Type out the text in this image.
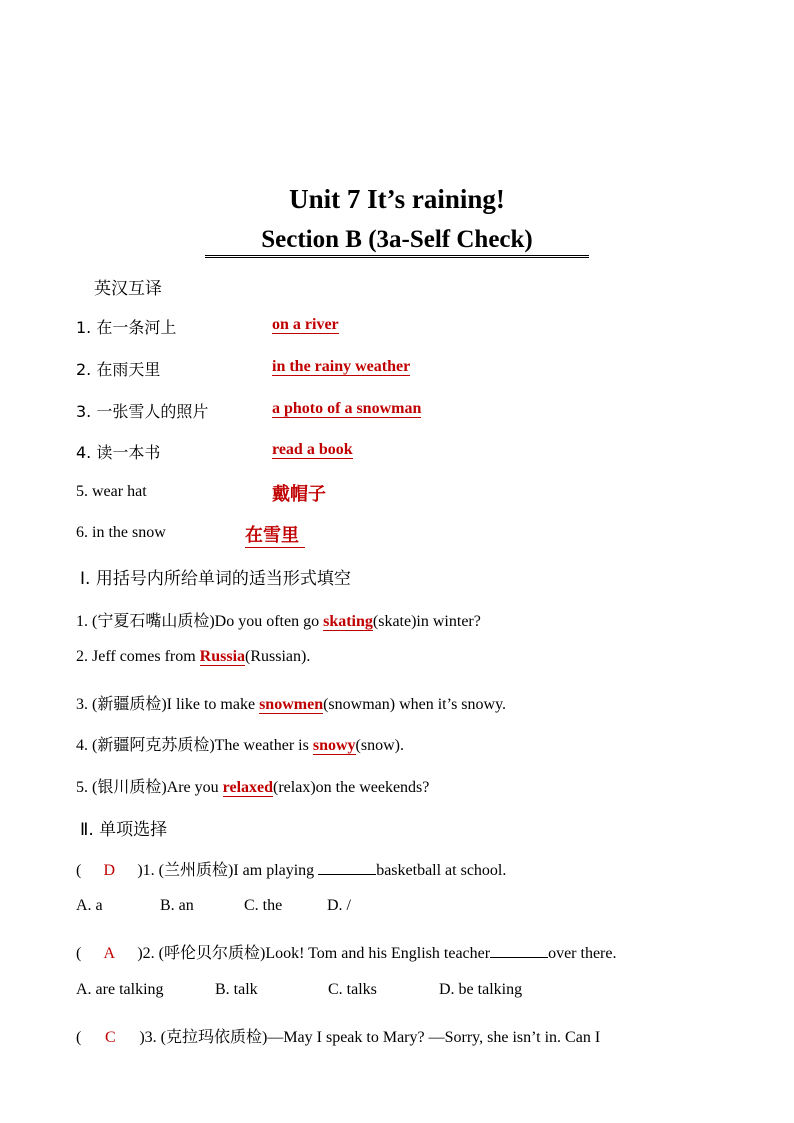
Unit 7 It’s raining!
Section B (3a-Self Check)
英汉互译
1. 在一条河上	on a river
2. 在雨天里	in the rainy weather
3. 一张雪人的照片	a photo of a snowman
4. 读一本书	read a book
5. wear hat	戴帽子
6. in the snow	在雪里
Ⅰ. 用括号内所给单词的适当形式填空
1. (宁夏石嘴山质检)Do you often go skating(skate)in winter?
2. Jeff comes from Russia(Russian).
3. (新疆质检)I like to make snowmen(snowman) when it’s snowy.
4. (新疆阿克苏质检)The weather is snowy(snow).
5. (银川质检)Are you relaxed(relax)on the weekends?
Ⅱ. 单项选择
( D )1. (兰州质检)I am playing	basketball at school.
A. a	B. an	C. the	D. /
( A )2. (呼伦贝尔质检)Look! Tom and his English teacher	over there.
A. are talking	B. talk	C. talks	D. be talking
( C )3. (克拉玛依质检)—May I speak to Mary? —Sorry, she isn’t in. Can I
